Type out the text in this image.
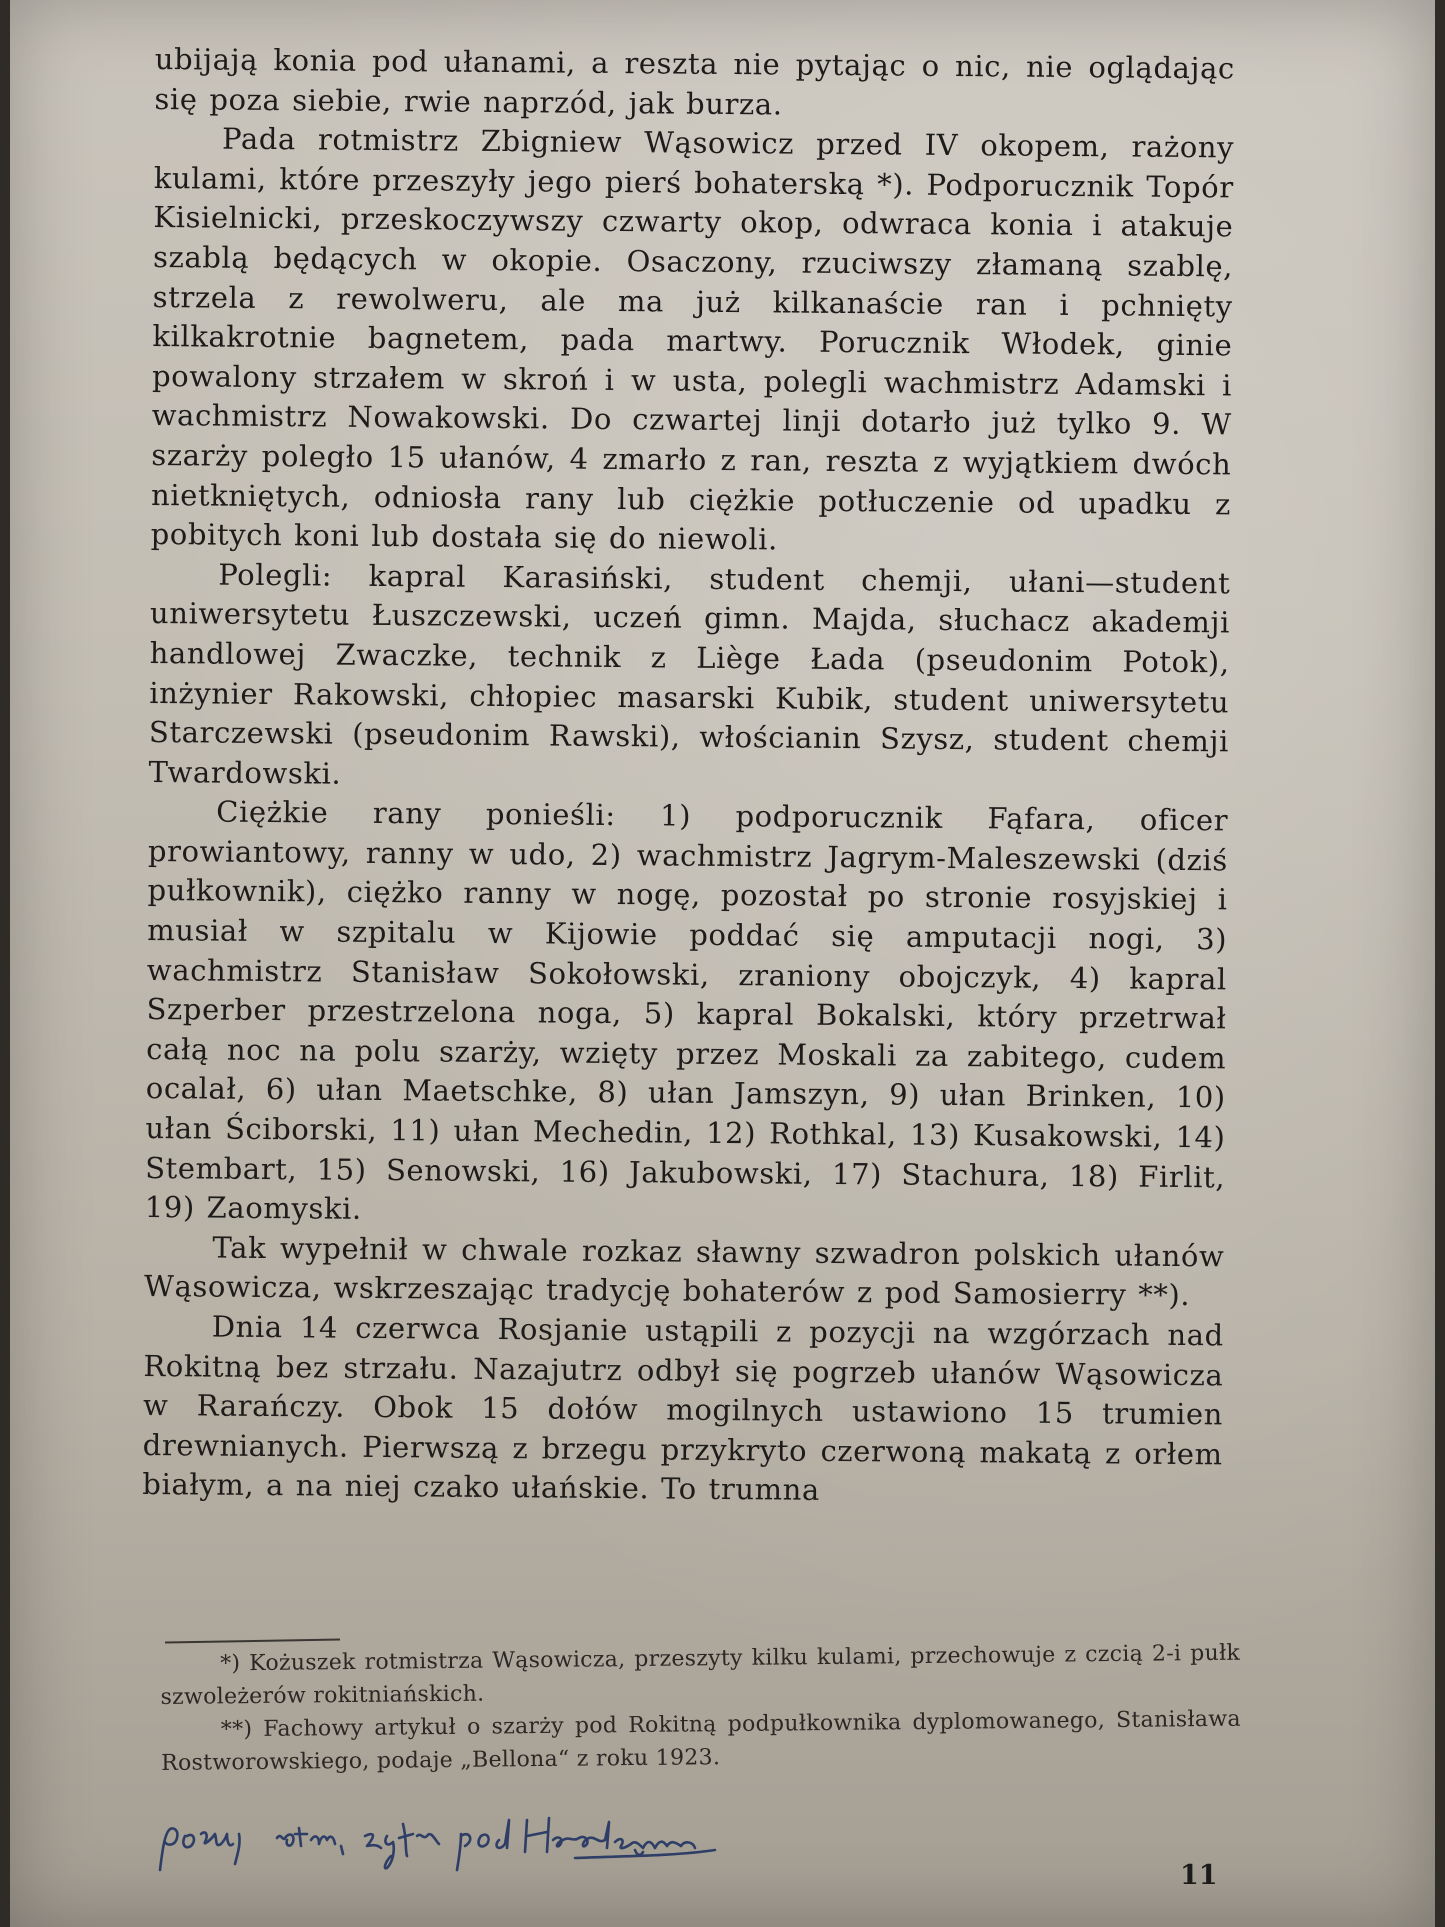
ubijają konia pod ułanami, a reszta nie pytając o nic, nie oglądając się poza siebie, rwie naprzód, jak burza.

Pada rotmistrz Zbigniew Wąsowicz przed IV okopem, rażony kulami, które przeszyły jego pierś bohaterską *). Podporucznik Topór Kisielnicki, przeskoczywszy czwarty okop, odwraca konia i atakuje szablą będących w okopie. Osaczony, rzuciwszy złamaną szablę, strzela z rewolweru, ale ma już kilkanaście ran i pchnięty kilkakrotnie bagnetem, pada martwy. Porucznik Włodek, ginie powalony strzałem w skroń i w usta, polegli wachmistrz Adamski i wachmistrz Nowakowski. Do czwartej linji dotarło już tylko 9. W szarży poległo 15 ułanów, 4 zmarło z ran, reszta z wyjątkiem dwóch nietkniętych, odniosła rany lub ciężkie potłuczenie od upadku z pobitych koni lub dostała się do niewoli.

Polegli: kapral Karasiński, student chemji, ułani—student uniwersytetu Łuszczewski, uczeń gimn. Majda, słuchacz akademji handlowej Zwaczke, technik z Liège Łada (pseudonim Potok), inżynier Rakowski, chłopiec masarski Kubik, student uniwersytetu Starczewski (pseudonim Rawski), włościanin Szysz, student chemji Twardowski.

Ciężkie rany ponieśli: 1) podporucznik Fąfara, oficer prowiantowy, ranny w udo, 2) wachmistrz Jagrym-Maleszewski (dziś pułkownik), ciężko ranny w nogę, pozostał po stronie rosyjskiej i musiał w szpitalu w Kijowie poddać się amputacji nogi, 3) wachmistrz Stanisław Sokołowski, zraniony obojczyk, 4) kapral Szperber przestrzelona noga, 5) kapral Bokalski, który przetrwał całą noc na polu szarży, wzięty przez Moskali za zabitego, cudem ocalał, 6) ułan Maetschke, 8) ułan Jamszyn, 9) ułan Brinken, 10) ułan Ściborski, 11) ułan Mechedin, 12) Rothkal, 13) Kusakowski, 14) Stembart, 15) Senowski, 16) Jakubowski, 17) Stachura, 18) Firlit, 19) Zaomyski.

Tak wypełnił w chwale rozkaz sławny szwadron polskich ułanów Wąsowicza, wskrzeszając tradycję bohaterów z pod Samosierry **).

Dnia 14 czerwca Rosjanie ustąpili z pozycji na wzgórzach nad Rokitną bez strzału. Nazajutrz odbył się pogrzeb ułanów Wąsowicza w Rarańczy. Obok 15 dołów mogilnych ustawiono 15 trumien drewnianych. Pierwszą z brzegu przykryto czerwoną makatą z orłem białym, a na niej czako ułańskie. To trumna

*) Kożuszek rotmistrza Wąsowicza, przeszyty kilku kulami, przechowuje z czcią 2-i pułk szwoleżerów rokitniańskich.

**) Fachowy artykuł o szarży pod Rokitną podpułkownika dyplomowanego, Stanisława Rostworowskiego, podaje „Bellona“ z roku 1923.

11
